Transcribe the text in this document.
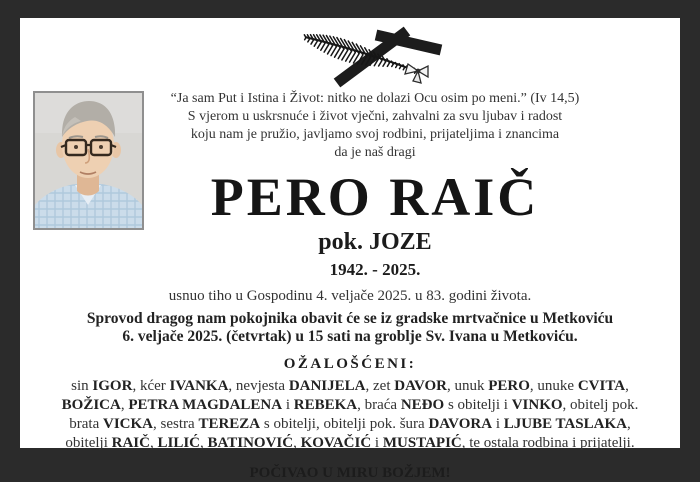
“Ja sam Put i Istina i Život: nitko ne dolazi Ocu osim po meni.” (Iv 14,5)
S vjerom u uskrsnuće i život vječni, zahvalni za svu ljubav i radost
koju nam je pružio, javljamo svoj rodbini, prijateljima i znancima
da je naš dragi
PERO RAIČ
pok. JOZE
1942. - 2025.
usnuo tiho u Gospodinu 4. veljače 2025. u 83. godini života.
Sprovod dragog nam pokojnika obavit će se iz gradske mrtvačnice u Metkoviću
6. veljače 2025. (četvrtak) u 15 sati na groblje Sv. Ivana u Metkoviću.
OŽALOŠĆENI:
sin IGOR, kćer IVANKA, nevjesta DANIJELA, zet DAVOR, unuk PERO, unuke CVITA,
BOŽICA, PETRA MAGDALENA i REBEKA, braća NEĐO s obitelji i VINKO, obitelj pok.
brata VICKA, sestra TEREZA s obitelji, obitelji pok. šura DAVORA i LJUBE TASLAKA,
obitelji RAIČ, LILIĆ, BATINOVIĆ, KOVAČIĆ i MUSTAPIĆ, te ostala rodbina i prijatelji.
POČIVAO U MIRU BOŽJEM!
